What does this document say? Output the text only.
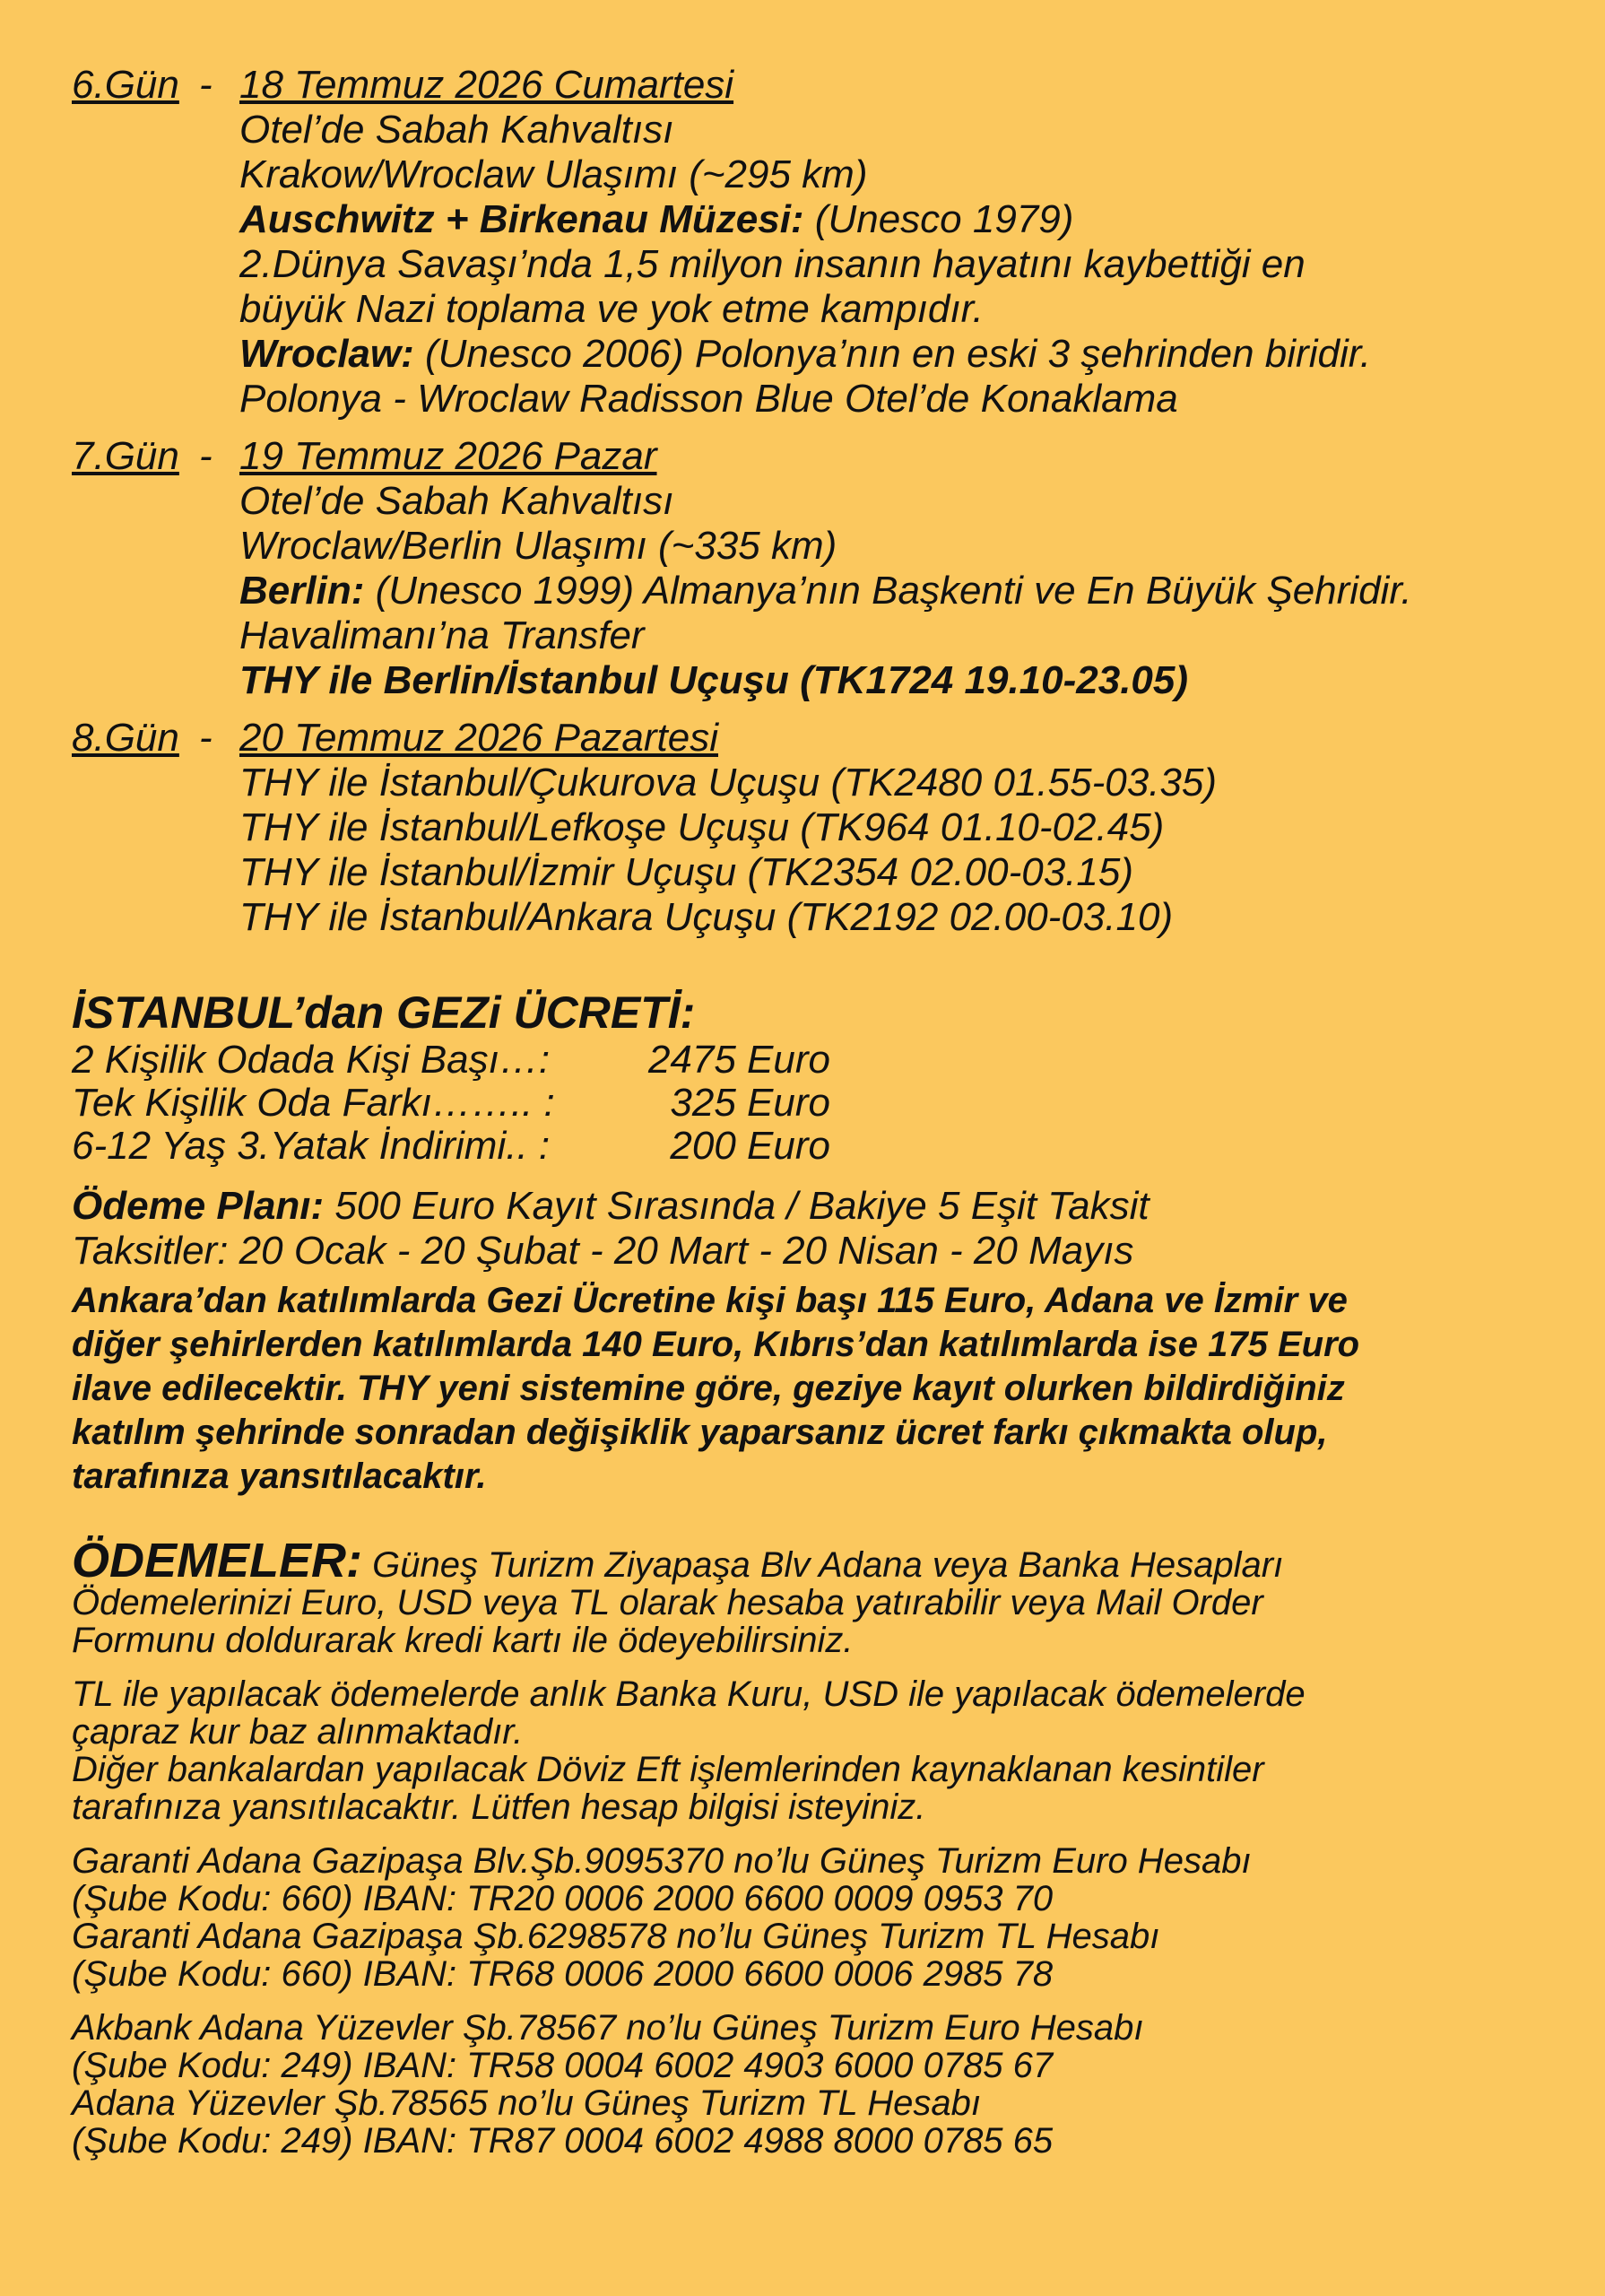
6.Gün - 18 Temmuz 2026 Cumartesi
Otel’de Sabah Kahvaltısı
Krakow/Wroclaw Ulaşımı (~295 km)
Auschwitz + Birkenau Müzesi: (Unesco 1979)
2.Dünya Savaşı’nda 1,5 milyon insanın hayatını kaybettiği en
büyük Nazi toplama ve yok etme kampıdır.
Wroclaw: (Unesco 2006) Polonya’nın en eski 3 şehrinden biridir.
Polonya - Wroclaw Radisson Blue Otel’de Konaklama
7.Gün - 19 Temmuz 2026 Pazar
Otel’de Sabah Kahvaltısı
Wroclaw/Berlin Ulaşımı (~335 km)
Berlin: (Unesco 1999) Almanya’nın Başkenti ve En Büyük Şehridir.
Havalimanı’na Transfer
THY ile Berlin/İstanbul Uçuşu (TK1724 19.10-23.05)
8.Gün - 20 Temmuz 2026 Pazartesi
THY ile İstanbul/Çukurova Uçuşu (TK2480 01.55-03.35)
THY ile İstanbul/Lefkoşe Uçuşu (TK964 01.10-02.45)
THY ile İstanbul/İzmir Uçuşu (TK2354 02.00-03.15)
THY ile İstanbul/Ankara Uçuşu (TK2192 02.00-03.10)
İSTANBUL’dan GEZi ÜCRETİ:
2 Kişilik Odada Kişi Başı…:	2475 Euro
Tek Kişilik Oda Farkı…….. :	325 Euro
6-12 Yaş 3.Yatak İndirimi.. :	200 Euro
Ödeme Planı: 500 Euro Kayıt Sırasında / Bakiye 5 Eşit Taksit
Taksitler: 20 Ocak - 20 Şubat - 20 Mart - 20 Nisan - 20 Mayıs
Ankara’dan katılımlarda Gezi Ücretine kişi başı 115 Euro, Adana ve İzmir ve
diğer şehirlerden katılımlarda 140 Euro, Kıbrıs’dan katılımlarda ise 175 Euro
ilave edilecektir. THY yeni sistemine göre, geziye kayıt olurken bildirdiğiniz
katılım şehrinde sonradan değişiklik yaparsanız ücret farkı çıkmakta olup,
tarafınıza yansıtılacaktır.
ÖDEMELER: Güneş Turizm Ziyapaşa Blv Adana veya Banka Hesapları
Ödemelerinizi Euro, USD veya TL olarak hesaba yatırabilir veya Mail Order
Formunu doldurarak kredi kartı ile ödeyebilirsiniz.
TL ile yapılacak ödemelerde anlık Banka Kuru, USD ile yapılacak ödemelerde
çapraz kur baz alınmaktadır.
Diğer bankalardan yapılacak Döviz Eft işlemlerinden kaynaklanan kesintiler
tarafınıza yansıtılacaktır. Lütfen hesap bilgisi isteyiniz.
Garanti Adana Gazipaşa Blv.Şb.9095370 no’lu Güneş Turizm Euro Hesabı
(Şube Kodu: 660) IBAN: TR20 0006 2000 6600 0009 0953 70
Garanti Adana Gazipaşa Şb.6298578 no’lu Güneş Turizm TL Hesabı
(Şube Kodu: 660) IBAN: TR68 0006 2000 6600 0006 2985 78
Akbank Adana Yüzevler Şb.78567 no’lu Güneş Turizm Euro Hesabı
(Şube Kodu: 249) IBAN: TR58 0004 6002 4903 6000 0785 67
Adana Yüzevler Şb.78565 no’lu Güneş Turizm TL Hesabı
(Şube Kodu: 249) IBAN: TR87 0004 6002 4988 8000 0785 65
